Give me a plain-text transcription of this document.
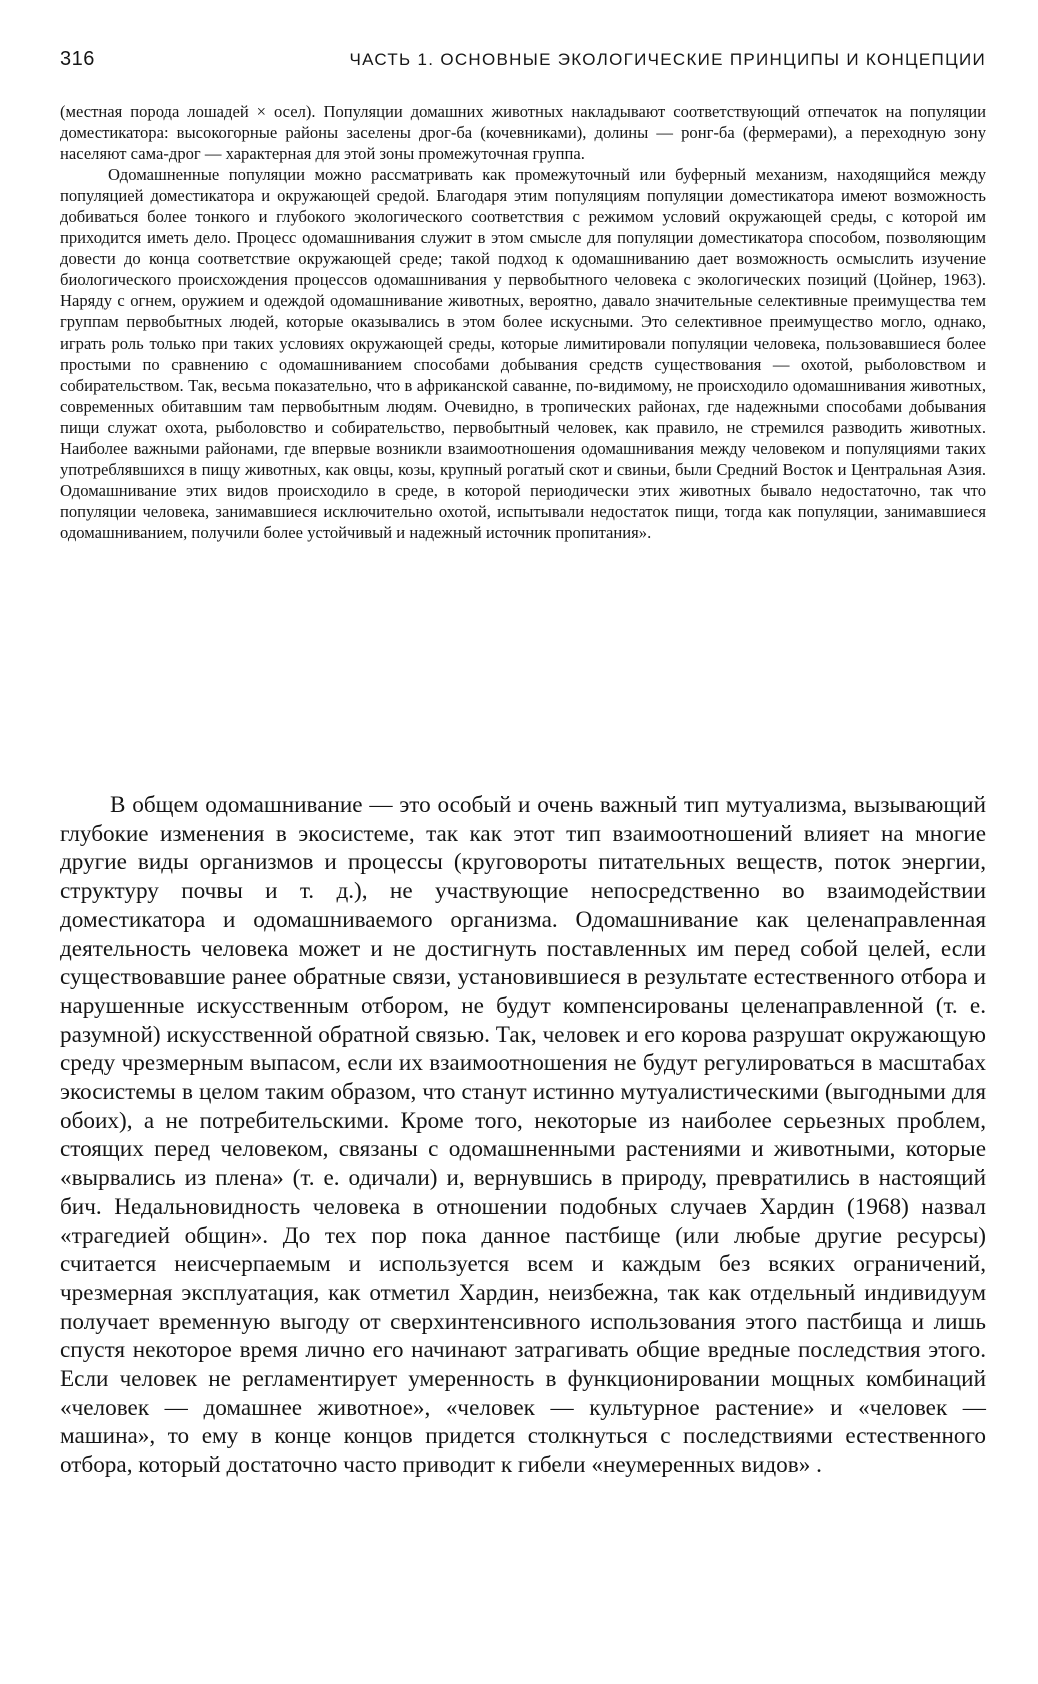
316	ЧАСТЬ 1. ОСНОВНЫЕ ЭКОЛОГИЧЕСКИЕ ПРИНЦИПЫ И КОНЦЕПЦИИ

(местная порода лошадей × осел). Популяции домашних животных накладывают соответствующий отпечаток на популяции доместикатора: высокогорные районы заселены дрог-ба (кочевниками), долины — ронг-ба (фермерами), а переходную зону населяют сама-дрог — характерная для этой зоны промежуточная группа.

Одомашненные популяции можно рассматривать как промежуточный или буферный механизм, находящийся между популяцией доместикатора и окружающей средой. Благодаря этим популяциям популяции доместикатора имеют возможность добиваться более тонкого и глубокого экологического соответствия с режимом условий окружающей среды, с которой им приходится иметь дело. Процесс одомашнивания служит в этом смысле для популяции доместикатора способом, позволяющим довести до конца соответствие окружающей среде; такой подход к одомашниванию дает возможность осмыслить изучение биологического происхождения процессов одомашнивания у первобытного человека с экологических позиций (Цойнер, 1963). Наряду с огнем, оружием и одеждой одомашнивание животных, вероятно, давало значительные селективные преимущества тем группам первобытных людей, которые оказывались в этом более искусными. Это селективное преимущество могло, однако, играть роль только при таких условиях окружающей среды, которые лимитировали популяции человека, пользовавшиеся более простыми по сравнению с одомашниванием способами добывания средств существования — охотой, рыболовством и собирательством. Так, весьма показательно, что в африканской саванне, по-видимому, не происходило одомашнивания животных, современных обитавшим там первобытным людям. Очевидно, в тропических районах, где надежными способами добывания пищи служат охота, рыболовство и собирательство, первобытный человек, как правило, не стремился разводить животных. Наиболее важными районами, где впервые возникли взаимоотношения одомашнивания между человеком и популяциями таких употреблявшихся в пищу животных, как овцы, козы, крупный рогатый скот и свиньи, были Средний Восток и Центральная Азия. Одомашнивание этих видов происходило в среде, в которой периодически этих животных бывало недостаточно, так что популяции человека, занимавшиеся исключительно охотой, испытывали недостаток пищи, тогда как популяции, занимавшиеся одомашниванием, получили более устойчивый и надежный источник пропитания».

В общем одомашнивание — это особый и очень важный тип мутуализма, вызывающий глубокие изменения в экосистеме, так как этот тип взаимоотношений влияет на многие другие виды организмов и процессы (круговороты питательных веществ, поток энергии, структуру почвы и т. д.), не участвующие непосредственно во взаимодействии доместикатора и одомашниваемого организма. Одомашнивание как целенаправленная деятельность человека может и не достигнуть поставленных им перед собой целей, если существовавшие ранее обратные связи, установившиеся в результате естественного отбора и нарушенные искусственным отбором, не будут компенсированы целенаправленной (т. е. разумной) искусственной обратной связью. Так, человек и его корова разрушат окружающую среду чрезмерным выпасом, если их взаимоотношения не будут регулироваться в масштабах экосистемы в целом таким образом, что станут истинно мутуалистическими (выгодными для обоих), а не потребительскими. Кроме того, некоторые из наиболее серьезных проблем, стоящих перед человеком, связаны с одомашненными растениями и животными, которые «вырвались из плена» (т. е. одичали) и, вернувшись в природу, превратились в настоящий бич. Недальновидность человека в отношении подобных случаев Хардин (1968) назвал «трагедией общин». До тех пор пока данное пастбище (или любые другие ресурсы) считается неисчерпаемым и используется всем и каждым без всяких ограничений, чрезмерная эксплуатация, как отметил Хардин, неизбежна, так как отдельный индивидуум получает временную выгоду от сверхинтенсивного использования этого пастбища и лишь спустя некоторое время лично его начинают затрагивать общие вредные последствия этого. Если человек не регламентирует умеренность в функционировании мощных комбинаций «человек — домашнее животное», «человек — культурное растение» и «человек — машина», то ему в конце концов придется столкнуться с последствиями естественного отбора, который достаточно часто приводит к гибели «неумеренных видов» .
